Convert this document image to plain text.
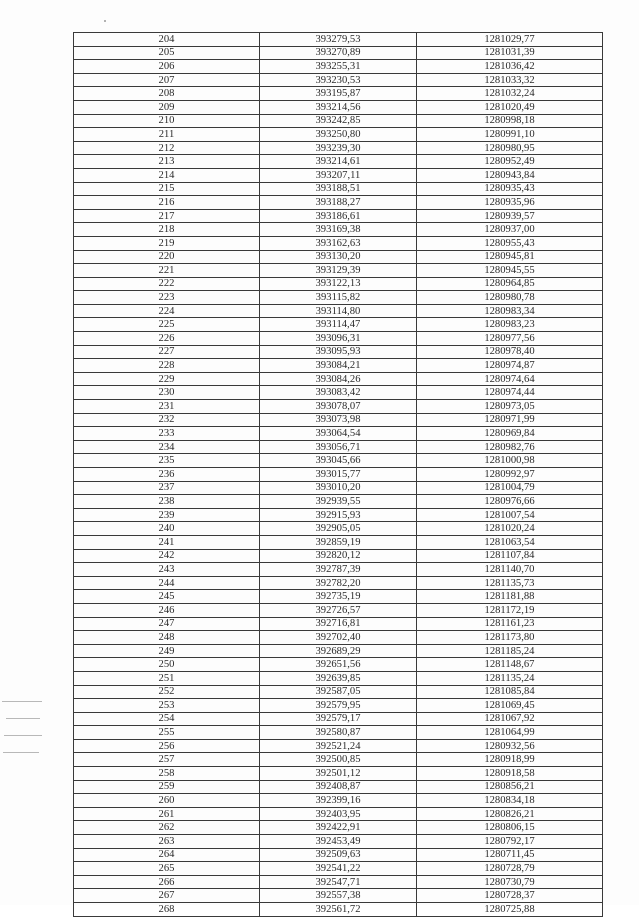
204	393279,53	1281029,77
205	393270,89	1281031,39
206	393255,31	1281036,42
207	393230,53	1281033,32
208	393195,87	1281032,24
209	393214,56	1281020,49
210	393242,85	1280998,18
211	393250,80	1280991,10
212	393239,30	1280980,95
213	393214,61	1280952,49
214	393207,11	1280943,84
215	393188,51	1280935,43
216	393188,27	1280935,96
217	393186,61	1280939,57
218	393169,38	1280937,00
219	393162,63	1280955,43
220	393130,20	1280945,81
221	393129,39	1280945,55
222	393122,13	1280964,85
223	393115,82	1280980,78
224	393114,80	1280983,34
225	393114,47	1280983,23
226	393096,31	1280977,56
227	393095,93	1280978,40
228	393084,21	1280974,87
229	393084,26	1280974,64
230	393083,42	1280974,44
231	393078,07	1280973,05
232	393073,98	1280971,99
233	393064,54	1280969,84
234	393056,71	1280982,76
235	393045,66	1281000,98
236	393015,77	1280992,97
237	393010,20	1281004,79
238	392939,55	1280976,66
239	392915,93	1281007,54
240	392905,05	1281020,24
241	392859,19	1281063,54
242	392820,12	1281107,84
243	392787,39	1281140,70
244	392782,20	1281135,73
245	392735,19	1281181,88
246	392726,57	1281172,19
247	392716,81	1281161,23
248	392702,40	1281173,80
249	392689,29	1281185,24
250	392651,56	1281148,67
251	392639,85	1281135,24
252	392587,05	1281085,84
253	392579,95	1281069,45
254	392579,17	1281067,92
255	392580,87	1281064,99
256	392521,24	1280932,56
257	392500,85	1280918,99
258	392501,12	1280918,58
259	392408,87	1280856,21
260	392399,16	1280834,18
261	392403,95	1280826,21
262	392422,91	1280806,15
263	392453,49	1280792,17
264	392509,63	1280711,45
265	392541,22	1280728,79
266	392547,71	1280730,79
267	392557,38	1280728,37
268	392561,72	1280725,88
